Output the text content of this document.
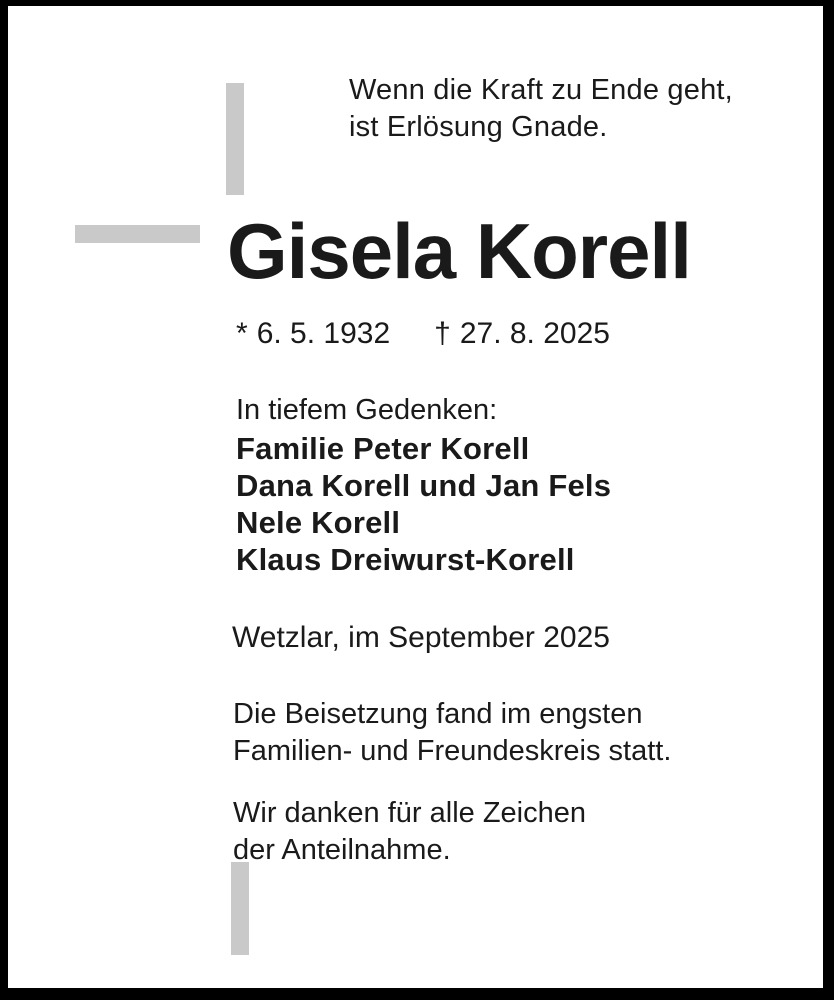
Wenn die Kraft zu Ende geht,
ist Erlösung Gnade.
Gisela Korell
* 6. 5. 1932 † 27. 8. 2025
In tiefem Gedenken:
Familie Peter Korell
Dana Korell und Jan Fels
Nele Korell
Klaus Dreiwurst-Korell
Wetzlar, im September 2025
Die Beisetzung fand im engsten
Familien- und Freundeskreis statt.
Wir danken für alle Zeichen
der Anteilnahme.
